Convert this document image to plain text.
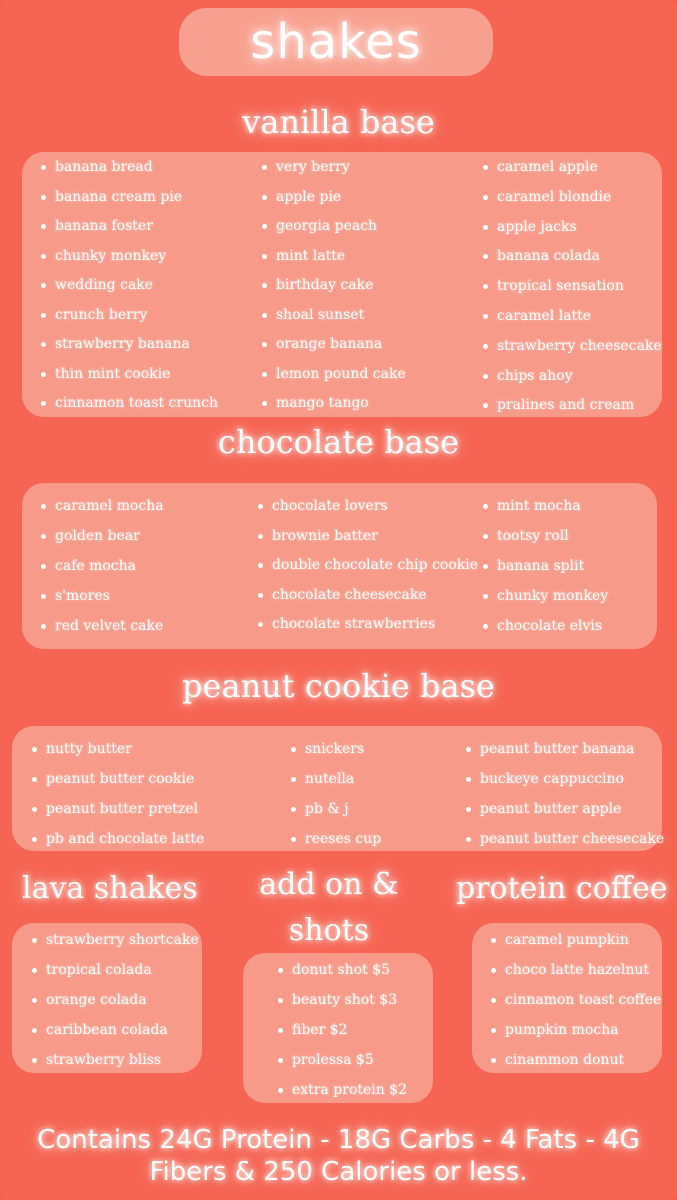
shakes
vanilla base
banana bread
banana cream pie
banana foster
chunky monkey
wedding cake
crunch berry
strawberry banana
thin mint cookie
cinnamon toast crunch
very berry
apple pie
georgia peach
mint latte
birthday cake
shoal sunset
orange banana
lemon pound cake
mango tango
caramel apple
caramel blondie
apple jacks
banana colada
tropical sensation
caramel latte
strawberry cheesecake
chips ahoy
pralines and cream
chocolate base
caramel mocha
golden bear
cafe mocha
s'mores
red velvet cake
chocolate lovers
brownie batter
double chocolate chip cookie
chocolate cheesecake
chocolate strawberries
mint mocha
tootsy roll
banana split
chunky monkey
chocolate elvis
peanut cookie base
nutty butter
peanut butter cookie
peanut butter pretzel
pb and chocolate latte
snickers
nutella
pb & j
reeses cup
peanut butter banana
buckeye cappuccino
peanut butter apple
peanut butter cheesecake
lava shakes
strawberry shortcake
tropical colada
orange colada
caribbean colada
strawberry bliss
add on &
shots
donut shot $5
beauty shot $3
fiber $2
prolessa $5
extra protein $2
protein coffee
caramel pumpkin
choco latte hazelnut
cinnamon toast coffee
pumpkin mocha
cinammon donut
Contains 24G Protein - 18G Carbs - 4 Fats - 4G
Fibers & 250 Calories or less.
